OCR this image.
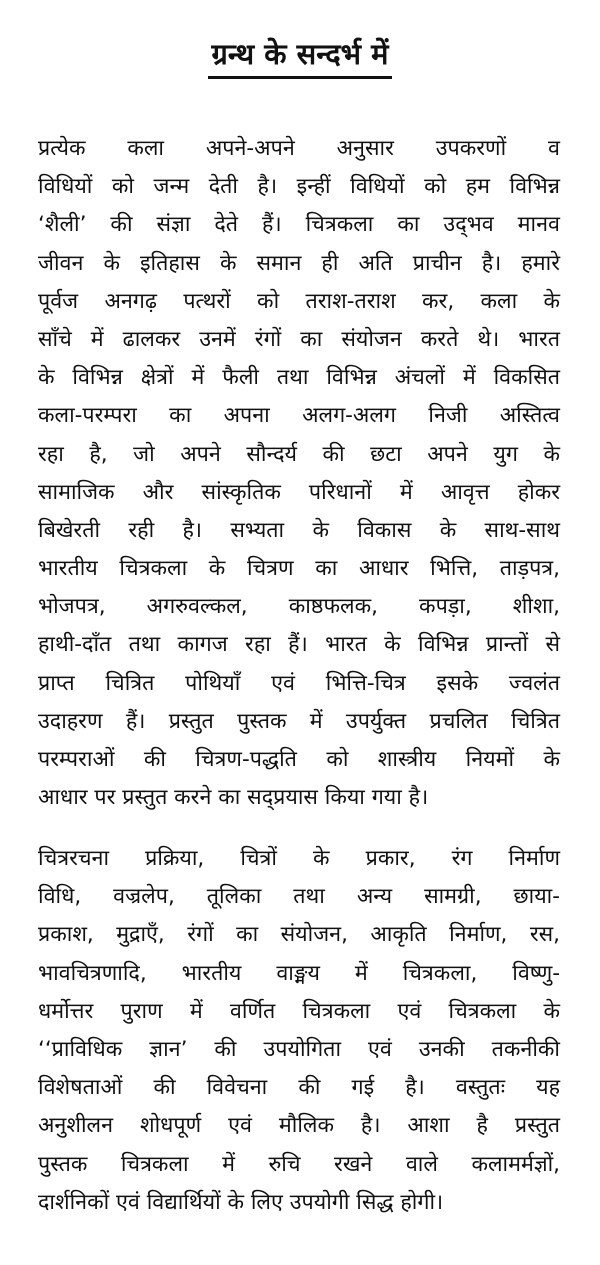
ग्रन्थ के सन्दर्भ में
प्रत्येक कला अपने-अपने अनुसार उपकरणों व
विधियों को जन्म देती है। इन्हीं विधियों को हम विभिन्न
‘शैली’ की संज्ञा देते हैं। चित्रकला का उद्‌भव मानव
जीवन के इतिहास के समान ही अति प्राचीन है। हमारे
पूर्वज अनगढ़ पत्थरों को तराश-तराश कर, कला के
साँचे में ढालकर उनमें रंगों का संयोजन करते थे। भारत
के विभिन्न क्षेत्रों में फैली तथा विभिन्न अंचलों में विकसित
कला-परम्परा का अपना अलग-अलग निजी अस्तित्व
रहा है, जो अपने सौन्दर्य की छटा अपने युग के
सामाजिक और सांस्कृतिक परिधानों में आवृत्त होकर
बिखेरती रही है। सभ्यता के विकास के साथ-साथ
भारतीय चित्रकला के चित्रण का आधार भित्ति, ताड़पत्र,
भोजपत्र, अगरुवल्कल, काष्ठफलक, कपड़ा, शीशा,
हाथी-दाँत तथा कागज रहा हैं। भारत के विभिन्न प्रान्तों से
प्राप्त चित्रित पोथियाँ एवं भित्ति-चित्र इसके ज्वलंत
उदाहरण हैं। प्रस्तुत पुस्तक में उपर्युक्त प्रचलित चित्रित
परम्पराओं की चित्रण-पद्धति को शास्त्रीय नियमों के
आधार पर प्रस्तुत करने का सद्‌प्रयास किया गया है।
चित्ररचना प्रक्रिया, चित्रों के प्रकार, रंग निर्माण
विधि, वज्रलेप, तूलिका तथा अन्य सामग्री, छाया-
प्रकाश, मुद्राएँ, रंगों का संयोजन, आकृति निर्माण, रस,
भावचित्रणादि, भारतीय वाङ्मय में चित्रकला, विष्णु-
धर्मोत्तर पुराण में वर्णित चित्रकला एवं चित्रकला के
‘‘प्राविधिक ज्ञान’ की उपयोगिता एवं उनकी तकनीकी
विशेषताओं की विवेचना की गई है। वस्तुतः यह
अनुशीलन शोधपूर्ण एवं मौलिक है। आशा है प्रस्तुत
पुस्तक चित्रकला में रुचि रखने वाले कलामर्मज्ञों,
दार्शनिकों एवं विद्यार्थियों के लिए उपयोगी सिद्ध होगी।
